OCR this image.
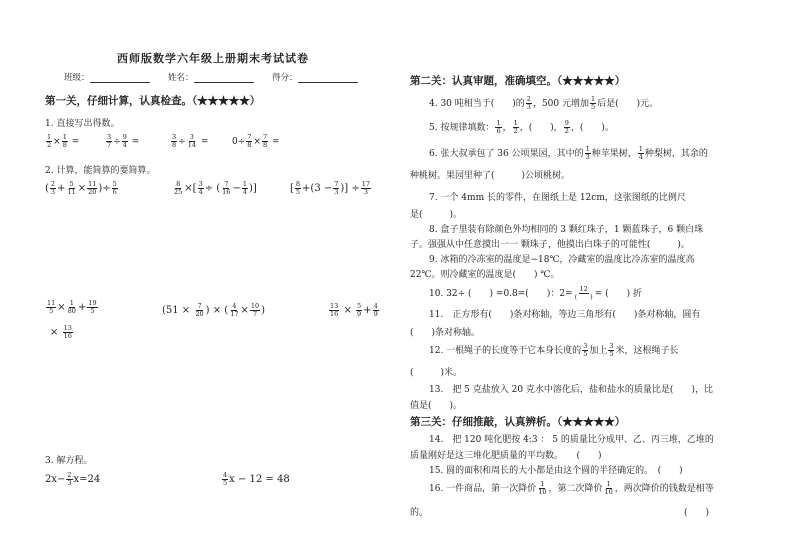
西师版数学六年级上册期末考试试卷
班级：	姓名：	得分：
第一关，仔细计算，认真检查。（★★★★★）
1. 直接写出得数。
$\frac{1}{2} \times \frac{1}{8}$ =	$\frac{3}{7} \div \frac{9}{4}$ =	$\frac{3}{8} \div \frac{3}{14}$ =	$0\div \frac{7}{8} \times \frac{7}{8}$ =
2. 计算，能简算的要简算。
( $\frac{2}{3} + \frac{5}{11} \times \frac{11}{20}$ )÷ $\frac{5}{6}$	$\frac{8}{25}$ ×[ $\frac{3}{4}$ ÷ ( $\frac{7}{16} - \frac{1}{4}$ )]	[ $\frac{8}{5} +(3 - \frac{7}{3}$ )] ÷ $\frac{17}{3}$
$\frac{11}{5} \times \frac{1}{80} + \frac{19}{5}$
× $\frac{13}{16}$
($51 \times \frac{7}{20}$ ) × ( $\frac{4}{17} \times \frac{10}{7}$ )	$\frac{13}{16} \times \frac{5}{9} + \frac{4}{9}$
3. 解方程。
$2x- \frac{2}{3} x=24$	$\frac{4}{5}$ x − 12 = 48
第二关：认真审题，准确填空。（★★★★★）
4. 30 吨相当于(　　)的 $\frac{2}{3}$ ，500 元增加 $\frac{1}{5}$ 后是(　　)元。
5. 按规律填数： $\frac{1}{6}$ ， $\frac{1}{2}$ ，(　　)， $\frac{9}{2}$ ，(　　)。
6. 张大叔承包了 36 公顷果园，其中的 $\frac{1}{3}$ 种苹果树， $\frac{1}{4}$ 种梨树，其余的
种桃树。果园里种了(　　　)公顷桃树。
7. 一个 4mm 长的零件，在图纸上是 12cm，这张图纸的比例尺
是(　　　)。
8. 盒子里装有除颜色外均相同的 3 颗红珠子，1 颗蓝珠子，6 颗白珠
子。强强从中任意摸出一一 颗珠子，他摸出白珠子的可能性(　　　)。
9. 冰箱的冷冻室的温度是−18℃，冷藏室的温度比冷冻室的温度高
22℃。则冷藏室的温度是(　　) ℃。
10. 32÷ (　　) =0.8=(　　)：$2= \frac{12}{( )}$ = (　　) 折
11.　正方形有(　　)条对称轴，等边三角形有(　　)条对称轴，圆有
(　　)条对称轴。
12. 一根绳子的长度等于它本身长度的 $\frac{3}{5}$ 加上 $\frac{3}{5}$ 米，这根绳子长
(　　　)米。
13.　把 5 克盐放入 20 克水中溶化后，盐和盐水的质量比是(　　)，比
值是(　　)。
第三关：仔细推敲，认真辨析。（★★★★★）
14.　把 120 吨化肥按 4:3 ： 5 的质量比分成甲、乙、丙三堆，乙堆的
质量刚好是这三堆化肥质量的平均数。　　(　　)
15. 圆的面积和周长的大小都是由这个圆的半径确定的。　(　　)
16. 一件商品，第一次降价 $\frac{1}{10}$ ，第二次降价 $\frac{1}{10}$ ，两次降价的钱数是相等
的。	(　　)
